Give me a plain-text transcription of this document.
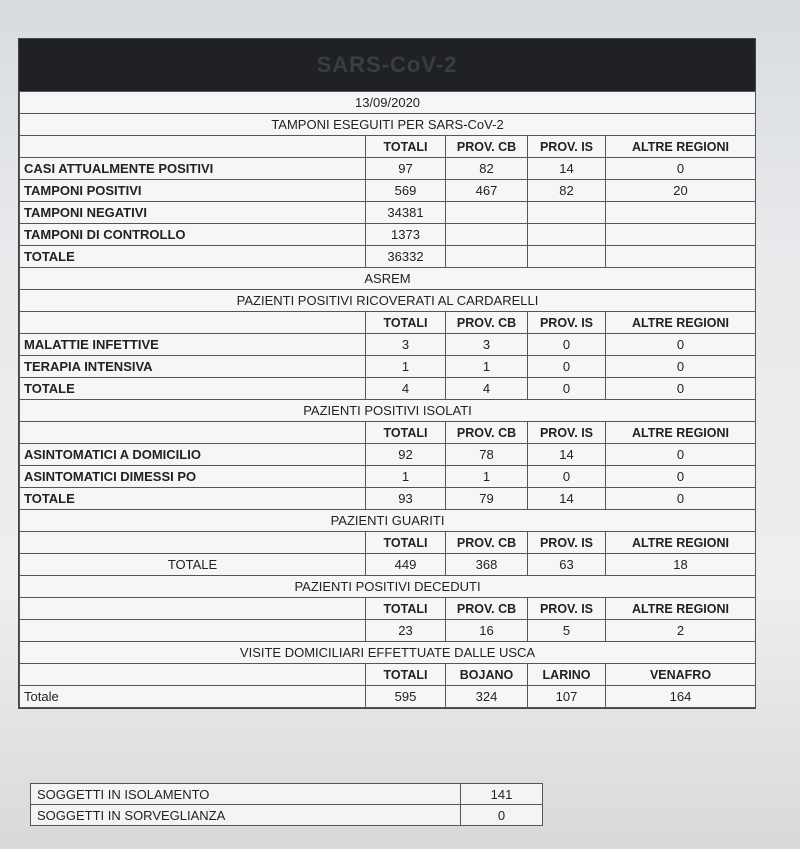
SARS-CoV-2
13/09/2020				
TAMPONI ESEGUITI PER SARS-CoV-2				
	TOTALI	PROV. CB	PROV. IS	ALTRE REGIONI
CASI ATTUALMENTE POSITIVI	97	82	14	0
TAMPONI POSITIVI	569	467	82	20
TAMPONI NEGATIVI	34381			
TAMPONI DI CONTROLLO	1373			
TOTALE	36332			
ASREM				
PAZIENTI POSITIVI RICOVERATI AL CARDARELLI				
	TOTALI	PROV. CB	PROV. IS	ALTRE REGIONI
MALATTIE INFETTIVE	3	3	0	0
TERAPIA INTENSIVA	1	1	0	0
TOTALE	4	4	0	0
PAZIENTI POSITIVI ISOLATI				
	TOTALI	PROV. CB	PROV. IS	ALTRE REGIONI
ASINTOMATICI A DOMICILIO	92	78	14	0
ASINTOMATICI DIMESSI PO	1	1	0	0
TOTALE	93	79	14	0
PAZIENTI GUARITI				
	TOTALI	PROV. CB	PROV. IS	ALTRE REGIONI
TOTALE	449	368	63	18
PAZIENTI POSITIVI DECEDUTI				
	TOTALI	PROV. CB	PROV. IS	ALTRE REGIONI
	23	16	5	2
VISITE DOMICILIARI EFFETTUATE DALLE USCA				
	TOTALI	BOJANO	LARINO	VENAFRO
Totale	595	324	107	164
SOGGETTI IN ISOLAMENTO	141
SOGGETTI IN SORVEGLIANZA	0
